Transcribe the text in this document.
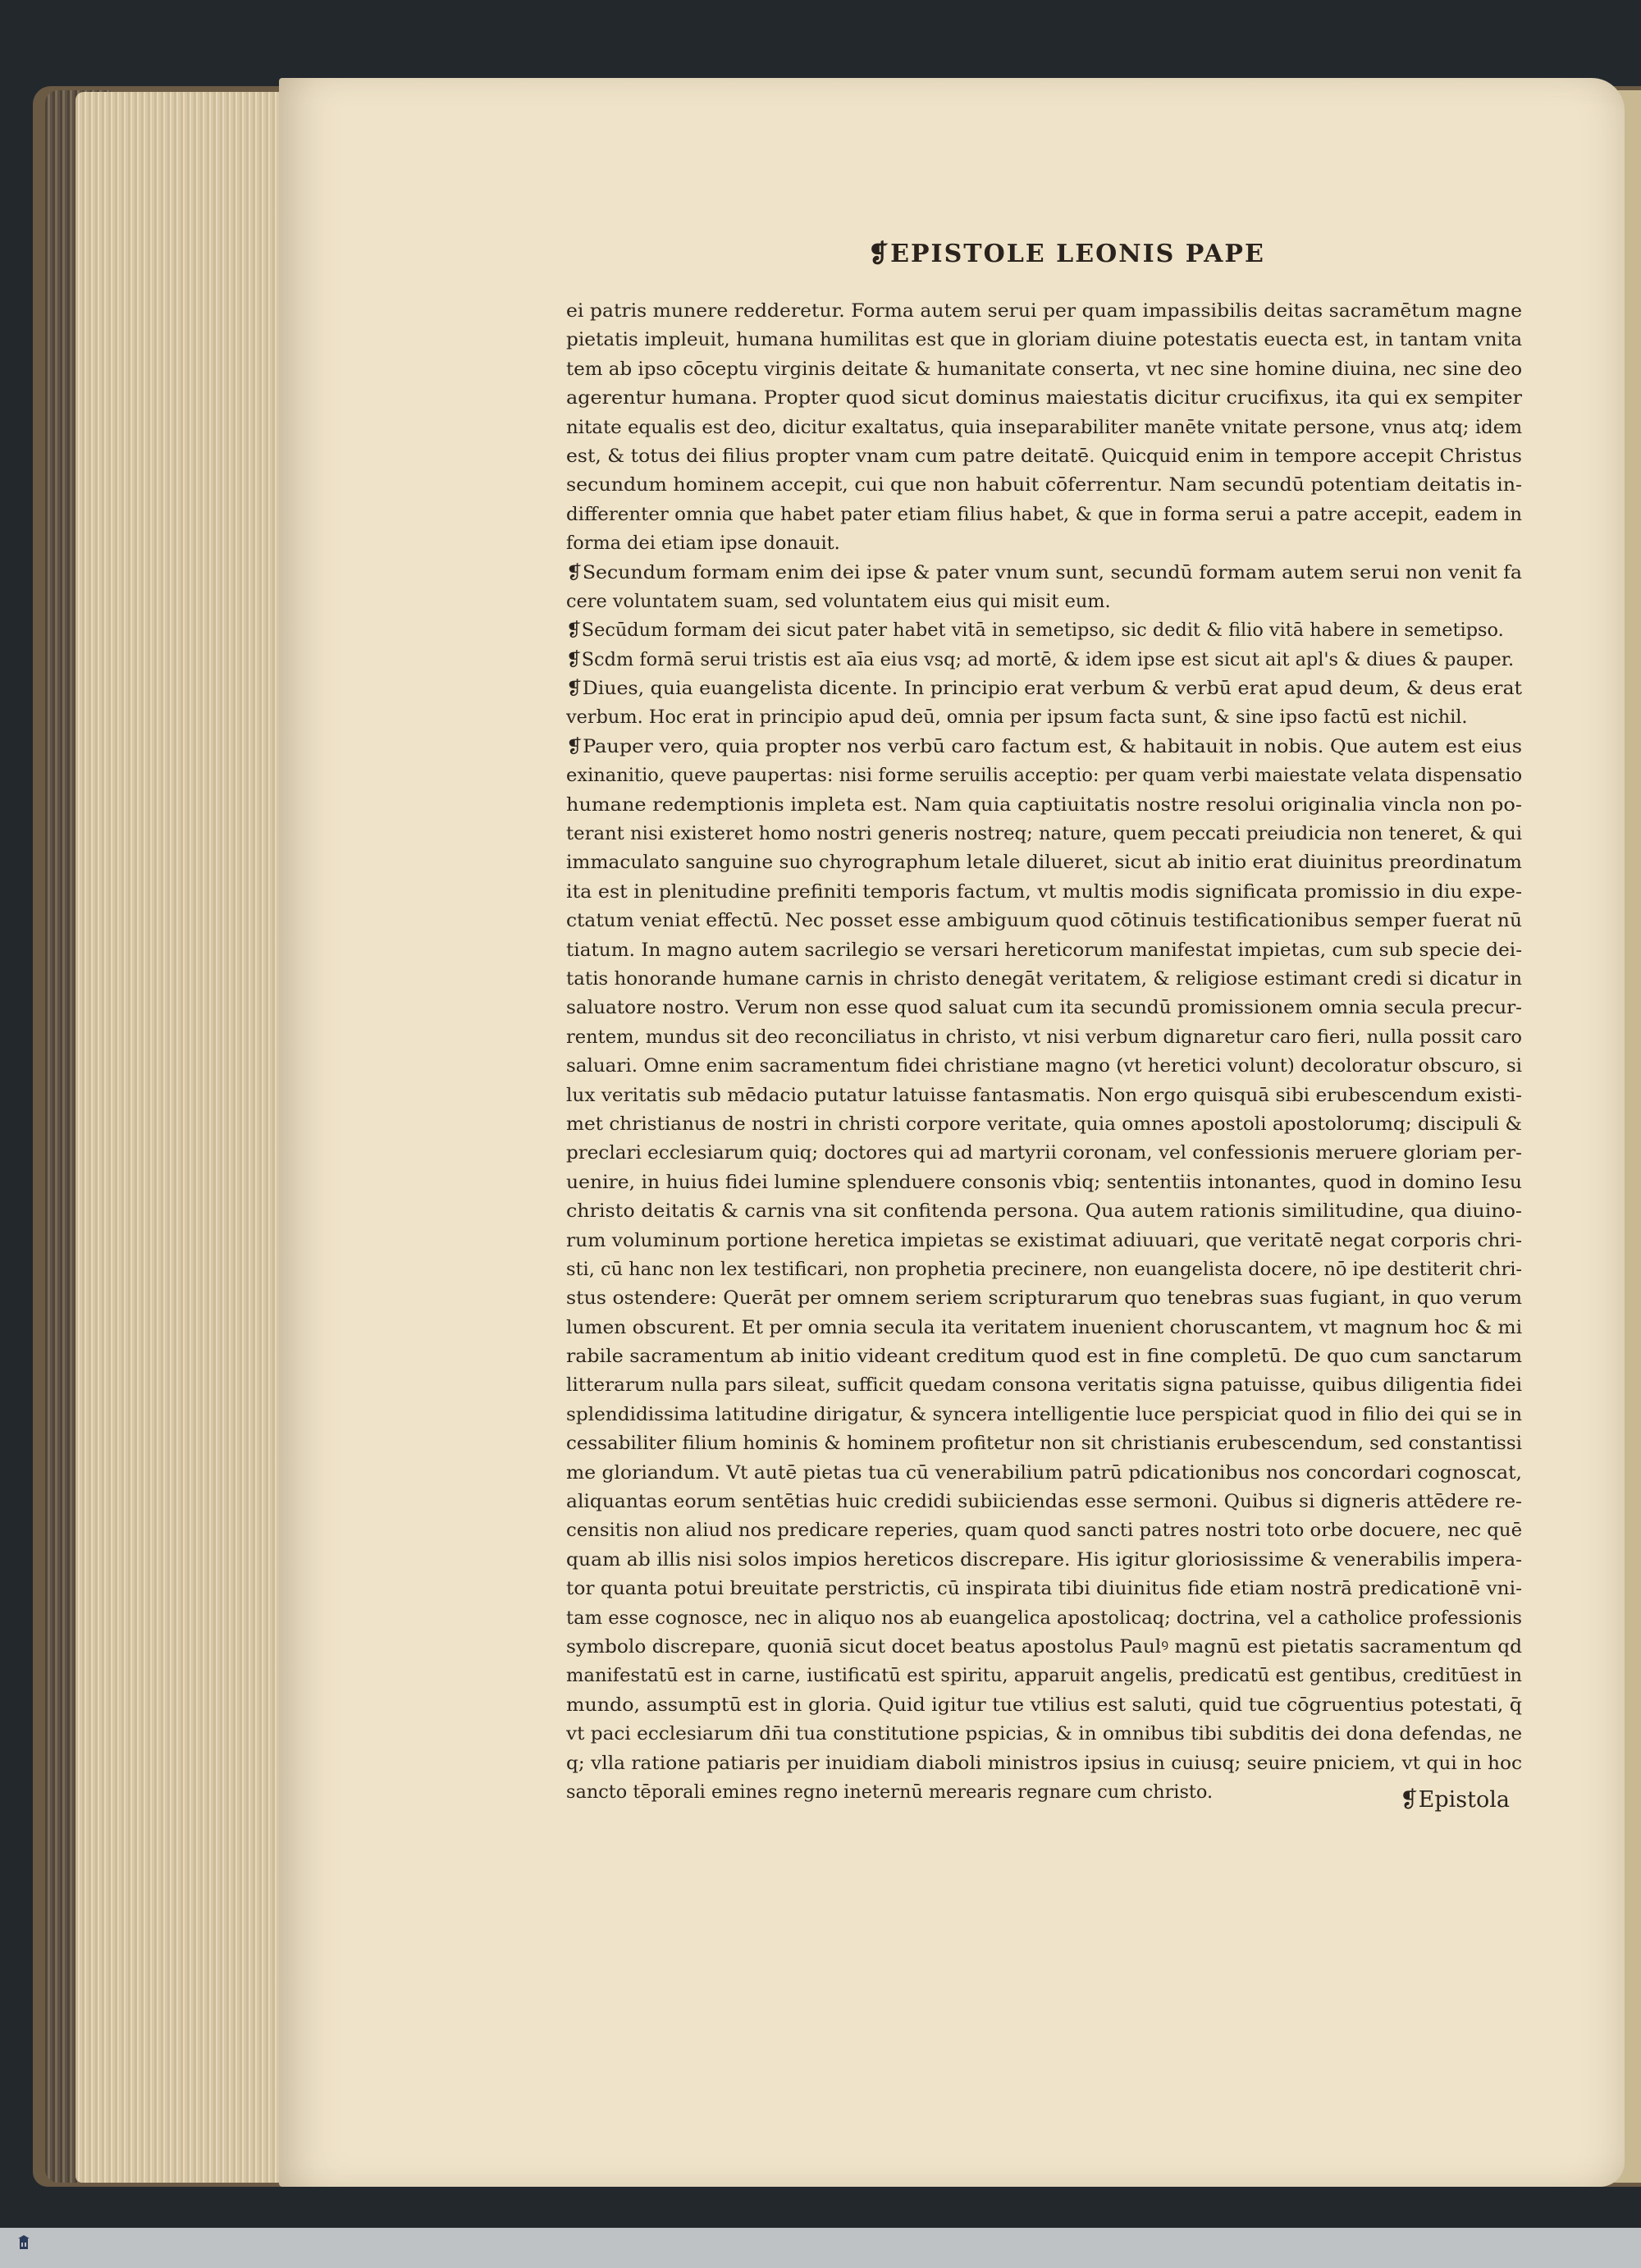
❡EPISTOLE LEONIS PAPE
ei patris munere redderetur. Forma autem serui per quam impassibilis deitas sacramētum magne
pietatis impleuit, humana humilitas est que in gloriam diuine potestatis euecta est, in tantam vnita
tem ab ipso cōceptu virginis deitate & humanitate conserta, vt nec sine homine diuina, nec sine deo
agerentur humana. Propter quod sicut dominus maiestatis dicitur crucifixus, ita qui ex sempiter
nitate equalis est deo, dicitur exaltatus, quia inseparabiliter manēte vnitate persone, vnus atq; idem
est, & totus dei filius propter vnam cum patre deitatē. Quicquid enim in tempore accepit Christus
secundum hominem accepit, cui que non habuit cōferrentur. Nam secundū potentiam deitatis in-
differenter omnia que habet pater etiam filius habet, & que in forma serui a patre accepit, eadem in
forma dei etiam ipse donauit.
❡Secundum formam enim dei ipse & pater vnum sunt, secundū formam autem serui non venit fa
cere voluntatem suam, sed voluntatem eius qui misit eum.
❡Secūdum formam dei sicut pater habet vitā in semetipso, sic dedit & filio vitā habere in semetipso.
❡Scdm formā serui tristis est aīa eius vsq; ad mortē, & idem ipse est sicut ait apl's & diues & pauper.
❡Diues, quia euangelista dicente. In principio erat verbum & verbū erat apud deum, & deus erat
verbum. Hoc erat in principio apud deū, omnia per ipsum facta sunt, & sine ipso factū est nichil.
❡Pauper vero, quia propter nos verbū caro factum est, & habitauit in nobis. Que autem est eius
exinanitio, queve paupertas: nisi forme seruilis acceptio: per quam verbi maiestate velata dispensatio
humane redemptionis impleta est. Nam quia captiuitatis nostre resolui originalia vincla non po-
terant nisi existeret homo nostri generis nostreq; nature, quem peccati preiudicia non teneret, & qui
immaculato sanguine suo chyrographum letale dilueret, sicut ab initio erat diuinitus preordinatum
ita est in plenitudine prefiniti temporis factum, vt multis modis significata promissio in diu expe-
ctatum veniat effectū. Nec posset esse ambiguum quod cōtinuis testificationibus semper fuerat nū
tiatum. In magno autem sacrilegio se versari hereticorum manifestat impietas, cum sub specie dei-
tatis honorande humane carnis in christo denegāt veritatem, & religiose estimant credi si dicatur in
saluatore nostro. Verum non esse quod saluat cum ita secundū promissionem omnia secula precur-
rentem, mundus sit deo reconciliatus in christo, vt nisi verbum dignaretur caro fieri, nulla possit caro
saluari. Omne enim sacramentum fidei christiane magno (vt heretici volunt) decoloratur obscuro, si
lux veritatis sub mēdacio putatur latuisse fantasmatis. Non ergo quisquā sibi erubescendum existi-
met christianus de nostri in christi corpore veritate, quia omnes apostoli apostolorumq; discipuli &
preclari ecclesiarum quiq; doctores qui ad martyrii coronam, vel confessionis meruere gloriam per-
uenire, in huius fidei lumine splenduere consonis vbiq; sententiis intonantes, quod in domino Iesu
christo deitatis & carnis vna sit confitenda persona. Qua autem rationis similitudine, qua diuino-
rum voluminum portione heretica impietas se existimat adiuuari, que veritatē negat corporis chri-
sti, cū hanc non lex testificari, non prophetia precinere, non euangelista docere, nō ipe destiterit chri-
stus ostendere: Querāt per omnem seriem scripturarum quo tenebras suas fugiant, in quo verum
lumen obscurent. Et per omnia secula ita veritatem inuenient choruscantem, vt magnum hoc & mi
rabile sacramentum ab initio videant creditum quod est in fine completū. De quo cum sanctarum
litterarum nulla pars sileat, sufficit quedam consona veritatis signa patuisse, quibus diligentia fidei
splendidissima latitudine dirigatur, & syncera intelligentie luce perspiciat quod in filio dei qui se in
cessabiliter filium hominis & hominem profitetur non sit christianis erubescendum, sed constantissi
me gloriandum. Vt autē pietas tua cū venerabilium patrū pdicationibus nos concordari cognoscat,
aliquantas eorum sentētias huic credidi subiiciendas esse sermoni. Quibus si digneris attēdere re-
censitis non aliud nos predicare reperies, quam quod sancti patres nostri toto orbe docuere, nec quē
quam ab illis nisi solos impios hereticos discrepare. His igitur gloriosissime & venerabilis impera-
tor quanta potui breuitate perstrictis, cū inspirata tibi diuinitus fide etiam nostrā predicationē vni-
tam esse cognosce, nec in aliquo nos ab euangelica apostolicaq; doctrina, vel a catholice professionis
symbolo discrepare, quoniā sicut docet beatus apostolus Paulꝰ magnū est pietatis sacramentum qd
manifestatū est in carne, iustificatū est spiritu, apparuit angelis, predicatū est gentibus, creditūest in
mundo, assumptū est in gloria. Quid igitur tue vtilius est saluti, quid tue cōgruentius potestati, q̄
vt paci ecclesiarum dn̄i tua constitutione pspicias, & in omnibus tibi subditis dei dona defendas, ne
q; vlla ratione patiaris per inuidiam diaboli ministros ipsius in cuiusq; seuire pniciem, vt qui in hoc
sancto tēporali emines regno ineternū merearis regnare cum christo.	❡Epistola
